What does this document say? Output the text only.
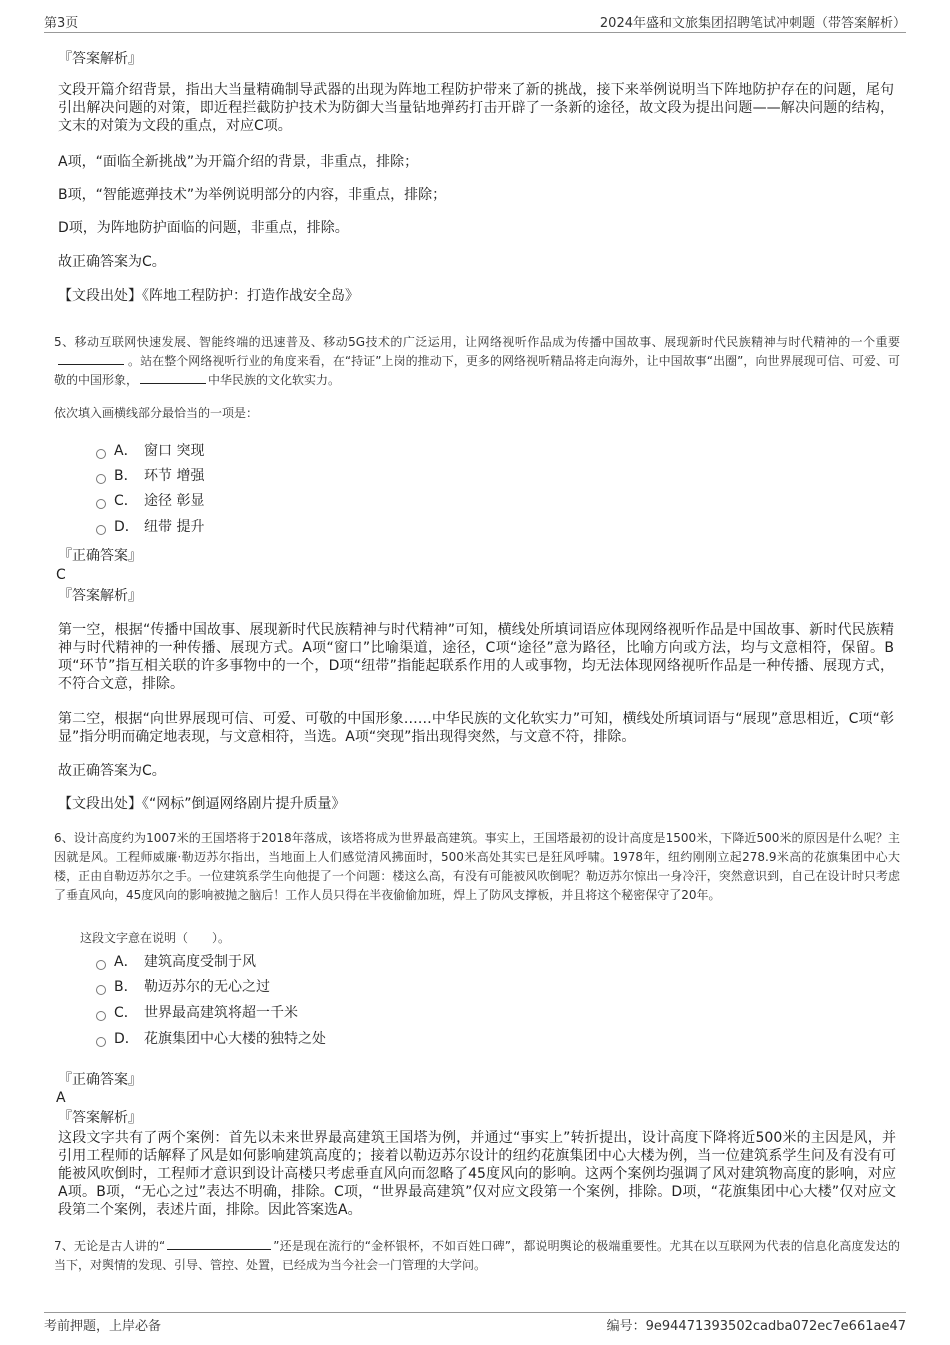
第3页	2024年盛和文旅集团招聘笔试冲刺题（带答案解析）
『答案解析』

文段开篇介绍背景，指出大当量精确制导武器的出现为阵地工程防护带来了新的挑战，接下来举例说明当下阵地防护存在的问题，尾句引出解决问题的对策，即近程拦截防护技术为防御大当量钻地弹药打击开辟了一条新的途径，故文段为提出问题——解决问题的结构，文末的对策为文段的重点，对应C项。

A项，“面临全新挑战”为开篇介绍的背景，非重点，排除；

B项，“智能遮弹技术”为举例说明部分的内容，非重点，排除；

D项，为阵地防护面临的问题，非重点，排除。

故正确答案为C。

【文段出处】《阵地工程防护：打造作战安全岛》

5、移动互联网快速发展、智能终端的迅速普及、移动5G技术的广泛运用，让网络视听作品成为传播中国故事、展现新时代民族精神与时代精神的一个重要。站在整个网络视听行业的角度来看，在“持证”上岗的推动下，更多的网络视听精品将走向海外，让中国故事“出圈”，向世界展现可信、可爱、可敬的中国形象，	中华民族的文化软实力。

依次填入画横线部分最恰当的一项是：
A． 窗口 突现
B． 环节 增强
C． 途径 彰显
D． 纽带 提升
『正确答案』
C
『答案解析』

第一空，根据“传播中国故事、展现新时代民族精神与时代精神”可知，横线处所填词语应体现网络视听作品是中国故事、新时代民族精神与时代精神的一种传播、展现方式。A项“窗口”比喻渠道，途径，C项“途径”意为路径，比喻方向或方法，均与文意相符，保留。B项“环节”指互相关联的许多事物中的一个，D项“纽带”指能起联系作用的人或事物，均无法体现网络视听作品是一种传播、展现方式，不符合文意，排除。

第二空，根据“向世界展现可信、可爱、可敬的中国形象……中华民族的文化软实力”可知，横线处所填词语与“展现”意思相近，C项“彰显”指分明而确定地表现，与文意相符，当选。A项“突现”指出现得突然，与文意不符，排除。

故正确答案为C。

【文段出处】《“网标”倒逼网络剧片提升质量》

6、设计高度约为1007米的王国塔将于2018年落成，该塔将成为世界最高建筑。事实上，王国塔最初的设计高度是1500米，下降近500米的原因是什么呢？主因就是风。工程师威廉·勒迈苏尔指出，当地面上人们感觉清风拂面时，500米高处其实已是狂风呼啸。1978年，纽约刚刚立起278.9米高的花旗集团中心大楼，正由自勒迈苏尔之手。一位建筑系学生向他提了一个问题：楼这么高，有没有可能被风吹倒呢？勒迈苏尔惊出一身冷汗，突然意识到，自己在设计时只考虑了垂直风向，45度风向的影响被抛之脑后！工作人员只得在半夜偷偷加班，焊上了防风支撑板，并且将这个秘密保守了20年。

这段文字意在说明（　　）。
A． 建筑高度受制于风
B． 勒迈苏尔的无心之过
C． 世界最高建筑将超一千米
D． 花旗集团中心大楼的独特之处
『正确答案』
A
『答案解析』

这段文字共有了两个案例：首先以未来世界最高建筑王国塔为例，并通过“事实上”转折提出，设计高度下降将近500米的主因是风，并引用工程师的话解释了风是如何影响建筑高度的；接着以勒迈苏尔设计的纽约花旗集团中心大楼为例，当一位建筑系学生问及有没有可能被风吹倒时，工程师才意识到设计高楼只考虑垂直风向而忽略了45度风向的影响。这两个案例均强调了风对建筑物高度的影响，对应A项。B项，“无心之过”表达不明确，排除。C项，“世界最高建筑”仅对应文段第一个案例，排除。D项，“花旗集团中心大楼”仅对应文段第二个案例，表述片面，排除。因此答案选A。

7、无论是古人讲的“	”还是现在流行的“金杯银杯，不如百姓口碑”，都说明舆论的极端重要性。尤其在以互联网为代表的信息化高度发达的当下，对舆情的发现、引导、管控、处置，已经成为当今社会一门管理的大学问。

考前押题，上岸必备	编号：9e94471393502cadba072ec7e661ae47
